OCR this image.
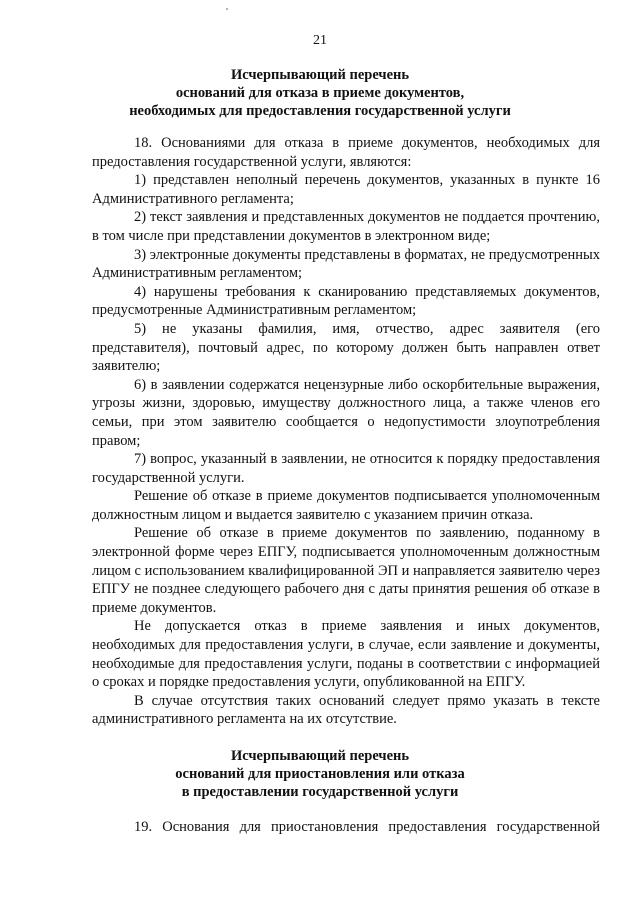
21
Исчерпывающий перечень
оснований для отказа в приеме документов,
необходимых для предоставления государственной услуги

18. Основаниями для отказа в приеме документов, необходимых для предоставления государственной услуги, являются:

1) представлен неполный перечень документов, указанных в пункте 16 Административного регламента;

2) текст заявления и представленных документов не поддается прочтению, в том числе при представлении документов в электронном виде;

3) электронные документы представлены в форматах, не предусмотренных Административным регламентом;

4) нарушены требования к сканированию представляемых документов, предусмотренные Административным регламентом;

5) не указаны фамилия, имя, отчество, адрес заявителя (его представителя), почтовый адрес, по которому должен быть направлен ответ заявителю;

6) в заявлении содержатся нецензурные либо оскорбительные выражения, угрозы жизни, здоровью, имуществу должностного лица, а также членов его семьи, при этом заявителю сообщается о недопустимости злоупотребления правом;

7) вопрос, указанный в заявлении, не относится к порядку предоставления государственной услуги.

Решение об отказе в приеме документов подписывается уполномоченным должностным лицом и выдается заявителю с указанием причин отказа.

Решение об отказе в приеме документов по заявлению, поданному в электронной форме через ЕПГУ, подписывается уполномоченным должностным лицом с использованием квалифицированной ЭП и направляется заявителю через ЕПГУ не позднее следующего рабочего дня с даты принятия решения об отказе в приеме документов.

Не допускается отказ в приеме заявления и иных документов, необходимых для предоставления услуги, в случае, если заявление и документы, необходимые для предоставления услуги, поданы в соответствии с информацией о сроках и порядке предоставления услуги, опубликованной на ЕПГУ.

В случае отсутствия таких оснований следует прямо указать в тексте административного регламента на их отсутствие.

Исчерпывающий перечень
оснований для приостановления или отказа
в предоставлении государственной услуги

19. Основания для приостановления предоставления государственной
